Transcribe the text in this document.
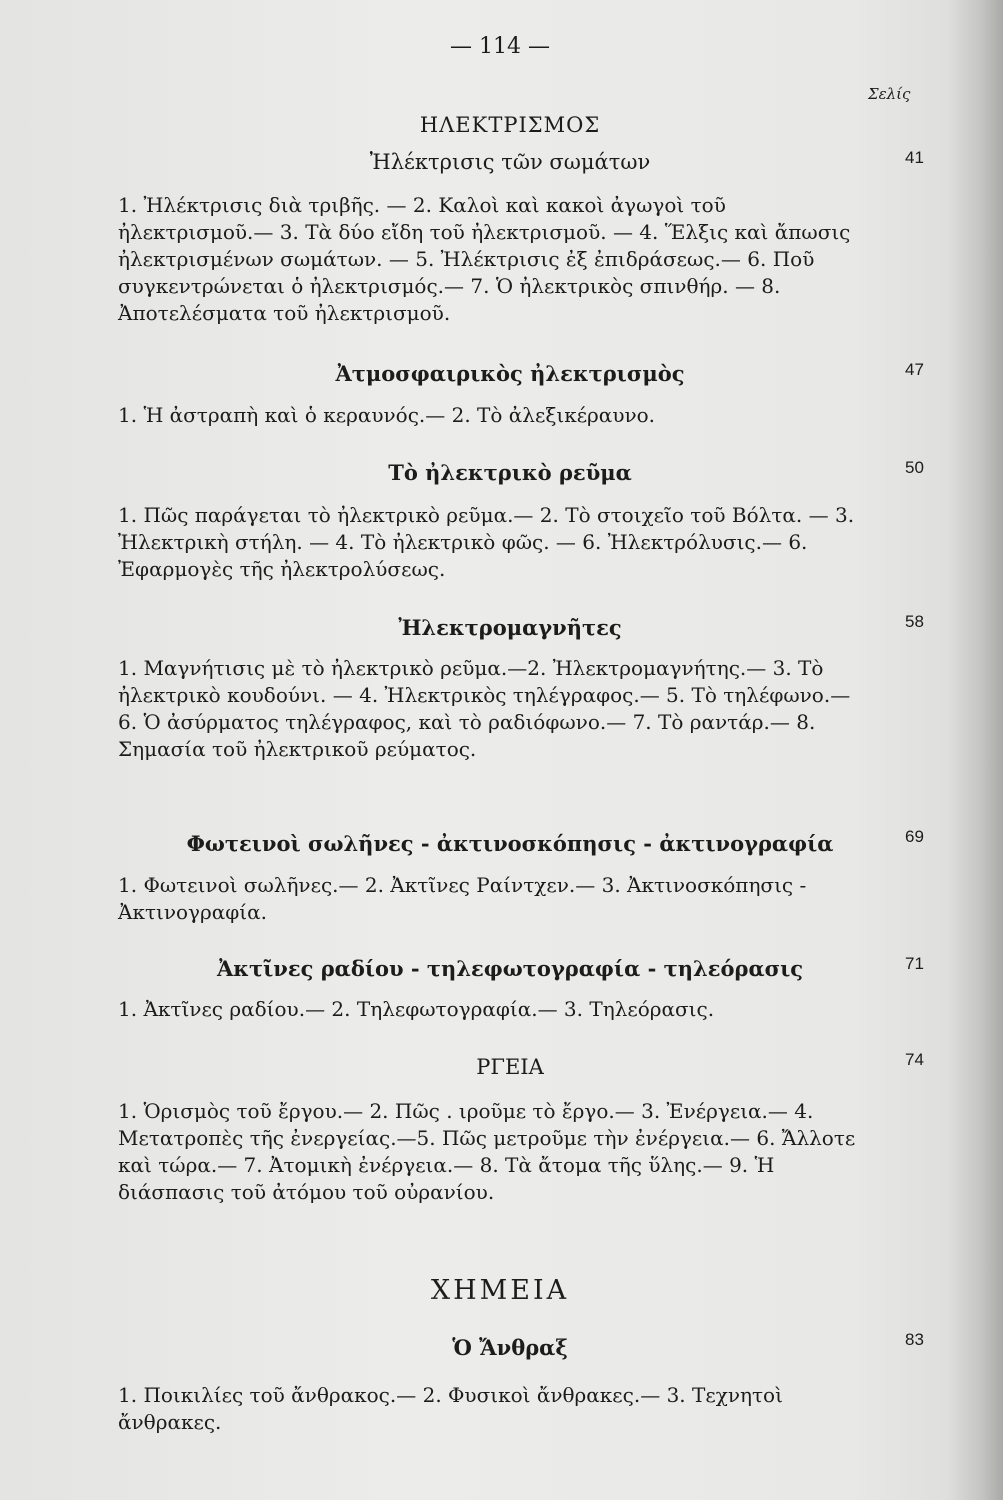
— 114 —
Σελίς
ΗΛΕΚΤΡΙΣΜΟΣ
Ἠλέκτρισις τῶν σωμάτων	41

1. Ἠλέκτρισις διὰ τριβῆς. — 2. Καλοὶ καὶ κακοὶ ἀγωγοὶ τοῦ ἠλεκτρισμοῦ.— 3. Τὰ δύο εἴδη τοῦ ἠλεκτρισμοῦ. — 4. Ἕλξις καὶ ἄπωσις ἠλεκτρισμένων σωμάτων. — 5. Ἠλέκτρισις ἐξ ἐπιδράσεως.— 6. Ποῦ συγκεντρώνεται ὁ ἠλεκτρισμός.— 7. Ὁ ἠλεκτρικὸς σπινθήρ. — 8. Ἀποτελέσματα τοῦ ἠλεκτρισμοῦ.

Ἀτμοσφαιρικὸς ἠλεκτρισμὸς	47

1. Ἡ ἀστραπὴ καὶ ὁ κεραυνός.— 2. Τὸ ἀλεξικέραυνο.

Τὸ ἠλεκτρικὸ ρεῦμα	50

1. Πῶς παράγεται τὸ ἠλεκτρικὸ ρεῦμα.— 2. Τὸ στοιχεῖο τοῦ Βόλτα. — 3. Ἠλεκτρικὴ στήλη. — 4. Τὸ ἠλεκτρικὸ φῶς. — 6. Ἠλεκτρόλυσις.— 6. Ἐφαρμογὲς τῆς ἠλεκτρολύσεως.

Ἠλεκτρομαγνῆτες	58

1. Μαγνήτισις μὲ τὸ ἠλεκτρικὸ ρεῦμα.—2. Ἠλεκτρομαγνήτης.— 3. Τὸ ἠλεκτρικὸ κουδούνι. — 4. Ἠλεκτρικὸς τηλέγραφος.— 5. Τὸ τηλέφωνο.— 6. Ὁ ἀσύρματος τηλέγραφος, καὶ τὸ ραδιόφωνο.— 7. Τὸ ραντάρ.— 8. Σημασία τοῦ ἠλεκτρικοῦ ρεύματος.

Φωτεινοὶ σωλῆνες - ἀκτινοσκόπησις - ἀκτινογραφία	69

1. Φωτεινοὶ σωλῆνες.— 2. Ἀκτῖνες Ραίντχεν.— 3. Ἀκτινοσκόπησις - Ἀκτινογραφία.

Ἀκτῖνες ραδίου - τηλεφωτογραφία - τηλεόρασις	71

1. Ἀκτῖνες ραδίου.— 2. Τηλεφωτογραφία.— 3. Τηλεόρασις.

ΡΓΕΙΑ	74

1. Ὁρισμὸς τοῦ ἔργου.— 2. Πῶς . ιροῦμε τὸ ἔργο.— 3. Ἐνέργεια.— 4. Μετατροπὲς τῆς ἐνεργείας.—5. Πῶς μετροῦμε τὴν ἐνέργεια.— 6. Ἄλλοτε καὶ τώρα.— 7. Ἀτομικὴ ἐνέργεια.— 8. Τὰ ἄτομα τῆς ὕλης.— 9. Ἡ διάσπασις τοῦ ἀτόμου τοῦ οὐρανίου.

ΧΗΜΕΙΑ
Ὁ Ἄνθραξ	83

1. Ποικιλίες τοῦ ἄνθρακος.— 2. Φυσικοὶ ἄνθρακες.— 3. Τεχνητοὶ ἄνθρακες.
